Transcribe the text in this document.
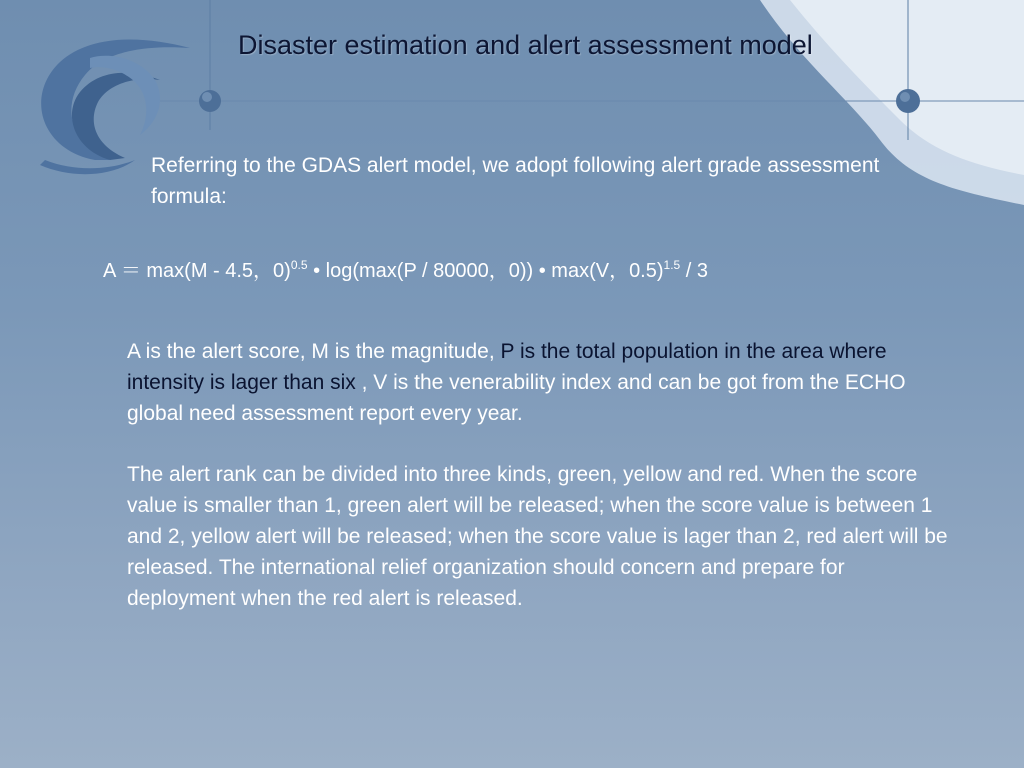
Disaster estimation and alert assessment model

Referring to the GDAS alert model, we adopt following alert grade assessment formula:

A ＝ max(M - 4.5，0)$^{0.5}$ • log(max(P / 80000，0)) • max(V，0.5)$^{1.5}$ / 3

A is the alert score, M is the magnitude, P is the total population in the area where intensity is lager than six , V is the venerability index and can be got from the ECHO global need assessment report every year.

The alert rank can be divided into three kinds, green, yellow and red. When the score value is smaller than 1, green alert will be released; when the score value is between 1 and 2, yellow alert will be released; when the score value is lager than 2, red alert will be released. The international relief organization should concern and prepare for deployment when the red alert is released.
